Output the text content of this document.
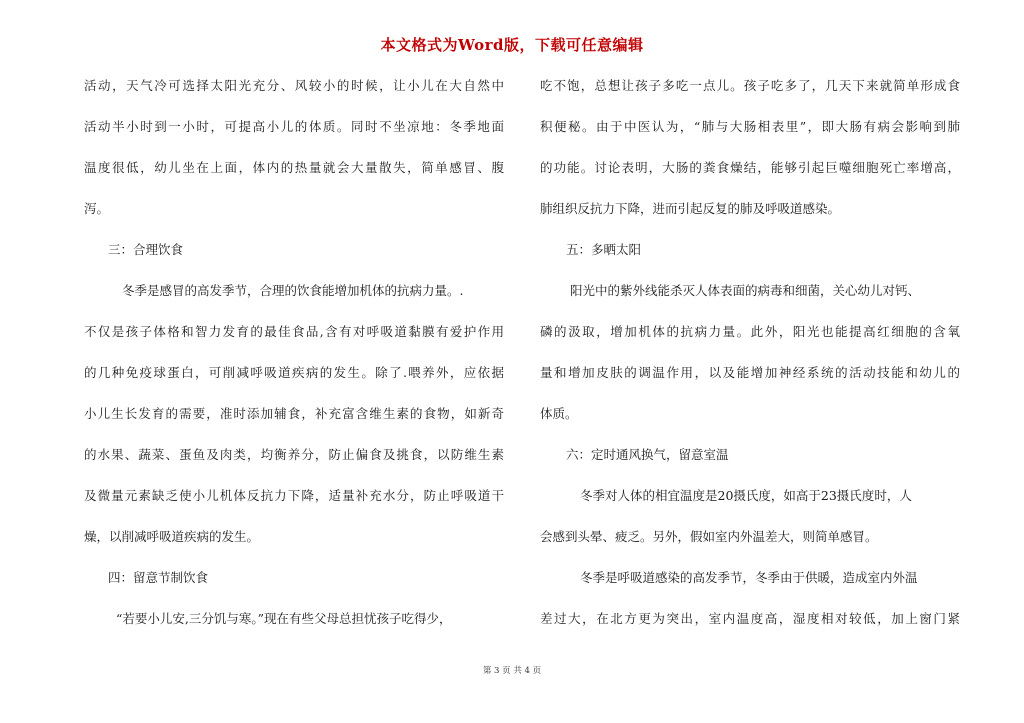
本文格式为Word版，下载可任意编辑
活动，天气冷可选择太阳光充分、风较小的时候，让小儿在大自然中
活动半小时到一小时，可提高小儿的体质。同时不坐凉地：冬季地面
温度很低，幼儿坐在上面，体内的热量就会大量散失，简单感冒、腹
泻。
三：合理饮食
冬季是感冒的高发季节，合理的饮食能增加机体的抗病力量。.
不仅是孩子体格和智力发育的最佳食品,含有对呼吸道黏膜有爱护作用
的几种免疫球蛋白，可削减呼吸道疾病的发生。除了.喂养外，应依据
小儿生长发育的需要，准时添加辅食，补充富含维生素的食物，如新奇
的水果、蔬菜、蛋鱼及肉类，均衡养分，防止偏食及挑食，以防维生素
及微量元素缺乏使小儿机体反抗力下降，适量补充水分，防止呼吸道干
燥，以削减呼吸道疾病的发生。
四：留意节制饮食
“若要小儿安,三分饥与寒。”现在有些父母总担忧孩子吃得少，
吃不饱，总想让孩子多吃一点儿。孩子吃多了，几天下来就简单形成食
积便秘。由于中医认为，“肺与大肠相表里”，即大肠有病会影响到肺
的功能。讨论表明，大肠的粪食燥结，能够引起巨噬细胞死亡率增高，
肺组织反抗力下降，进而引起反复的肺及呼吸道感染。
五：多晒太阳
阳光中的紫外线能杀灭人体表面的病毒和细菌，关心幼儿对钙、
磷的汲取，增加机体的抗病力量。此外，阳光也能提高红细胞的含氧
量和增加皮肤的调温作用，以及能增加神经系统的活动技能和幼儿的
体质。
六：定时通风换气，留意室温
冬季对人体的相宜温度是20摄氏度，如高于23摄氏度时，人
会感到头晕、疲乏。另外，假如室内外温差大，则简单感冒。
冬季是呼吸道感染的高发季节，冬季由于供暖，造成室内外温
差过大，在北方更为突出，室内温度高，湿度相对较低，加上窗门紧
第 3 页 共 4 页
